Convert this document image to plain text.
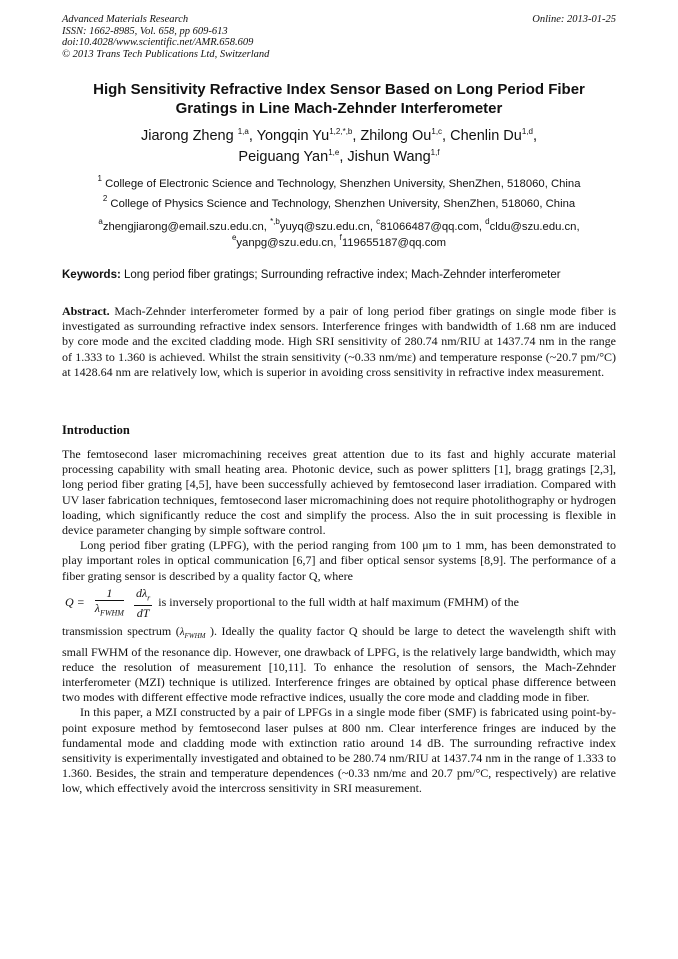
Advanced Materials Research
ISSN: 1662-8985, Vol. 658, pp 609-613
doi:10.4028/www.scientific.net/AMR.658.609
© 2013 Trans Tech Publications Ltd, Switzerland
Online: 2013-01-25
High Sensitivity Refractive Index Sensor Based on Long Period Fiber
Gratings in Line Mach-Zehnder Interferometer
Jiarong Zheng $^{1,a}$, Yongqin $Yu^{1,2,*,b}$, Zhilong Ou$^{1,c}$, Chenlin Du$^{1,d}$,
Peiguang Yan$^{1,e}$, Jishun Wang$^{1,f}$
$^1$ College of Electronic Science and Technology, Shenzhen University, ShenZhen, 518060, China
$^2$ College of Physics Science and Technology, Shenzhen University, ShenZhen, 518060, China
$^a$zhengjiarong@email.szu.edu.cn, $^{*,b}$yuyq@szu.edu.cn, $^c$81066487@qq.com, $^d$cldu@szu.edu.cn,
$^e$yanpg@szu.edu.cn, $^f$119655187@qq.com
Keywords: Long period fiber gratings; Surrounding refractive index; Mach-Zehnder interferometer

Abstract. Mach-Zehnder interferometer formed by a pair of long period fiber gratings on single mode fiber is investigated as surrounding refractive index sensors. Interference fringes with bandwidth of 1.68 nm are induced by core mode and the excited cladding mode. High SRI sensitivity of 280.74 nm/RIU at 1437.74 nm in the range of 1.333 to 1.360 is achieved. Whilst the strain sensitivity (~0.33 nm/mε) and temperature response (~20.7 pm/°C) at 1428.64 nm are relatively low, which is superior in avoiding cross sensitivity in refractive index measurement.

Introduction

The femtosecond laser micromachining receives great attention due to its fast and highly accurate material processing capability with small heating area. Photonic device, such as power splitters [1], bragg gratings [2,3], long period fiber grating [4,5], have been successfully achieved by femtosecond laser irradiation. Compared with UV laser fabrication techniques, femtosecond laser micromachining does not require photolithography or hydrogen loading, which significantly reduce the cost and simplify the process. Also the in suit processing is flexible in device parameter changing by simple software control.

Long period fiber grating (LPFG), with the period ranging from 100 μm to 1 mm, has been demonstrated to play important roles in optical communication [6,7] and fiber optical sensor systems [8,9]. The performance of a fiber grating sensor is described by a quality factor Q, where

$Q = \frac{1}{\lambda_{FWHM}} \frac{d\lambda_r}{dT}$ is inversely proportional to the full width at half maximum (FMHM) of the

transmission spectrum ($\lambda_{FWHM}$ ). Ideally the quality factor Q should be large to detect the wavelength shift with small FWHM of the resonance dip. However, one drawback of LPFG, is the relatively large bandwidth, which may reduce the resolution of measurement [10,11]. To enhance the resolution of sensors, the Mach-Zehnder interferometer (MZI) technique is utilized. Interference fringes are obtained by optical phase difference between two modes with different effective mode refractive indices, usually the core mode and cladding mode in fiber.

In this paper, a MZI constructed by a pair of LPFGs in a single mode fiber (SMF) is fabricated using point-by-point exposure method by femtosecond laser pulses at 800 nm. Clear interference fringes are induced by the fundamental mode and cladding mode with extinction ratio around 14 dB. The surrounding refractive index sensitivity is experimentally investigated and obtained to be 280.74 nm/RIU at 1437.74 nm in the range of 1.333 to 1.360. Besides, the strain and temperature dependences (~0.33 nm/mε and 20.7 pm/°C, respectively) are relative low, which effectively avoid the intercross sensitivity in SRI measurement.
